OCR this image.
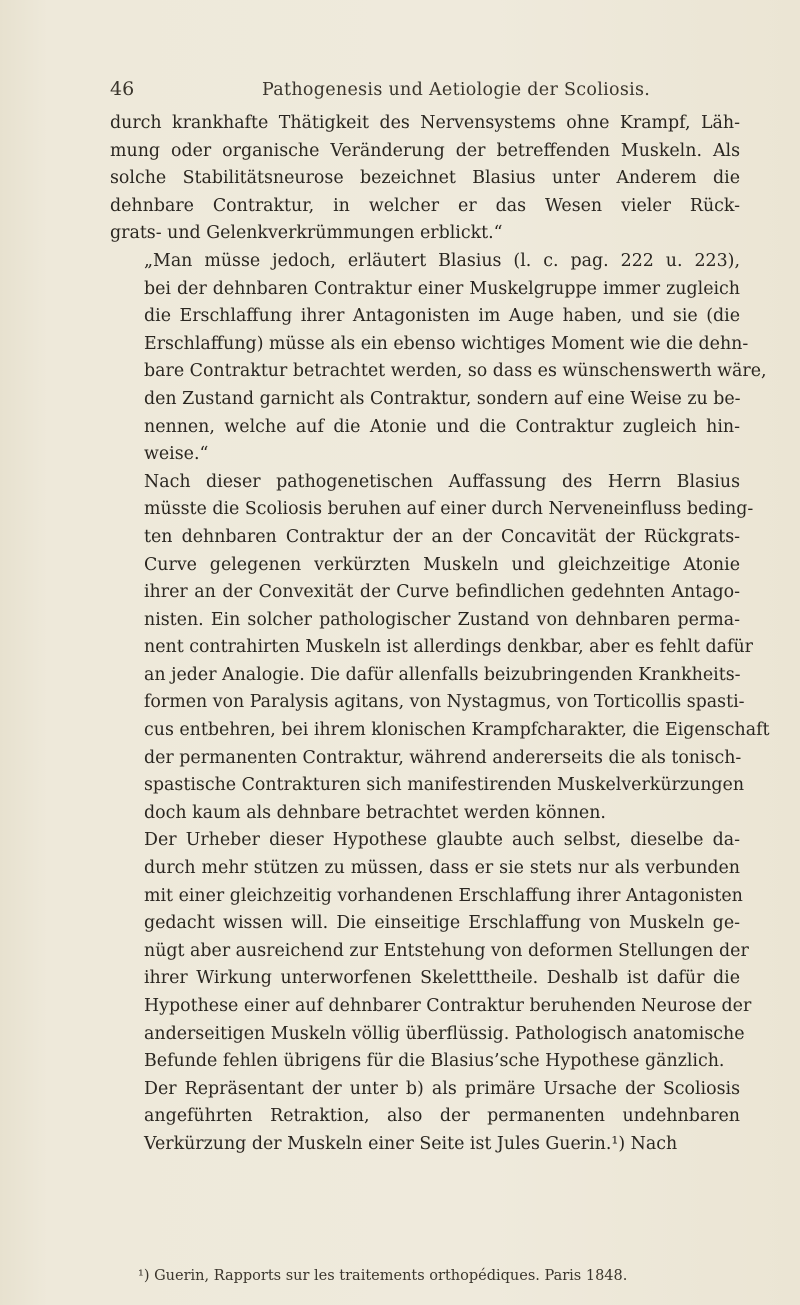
46	Pathogenesis und Aetiologie der Scoliosis.

durch krankhafte Thätigkeit des Nervensystems ohne Krampf, Läh-
mung oder organische Veränderung der betreffenden Muskeln. Als
solche Stabilitätsneurose bezeichnet Blasius unter Anderem die
dehnbare Contraktur, in welcher er das Wesen vieler Rück-
grats- und Gelenkverkrümmungen erblickt.“

„Man müsse jedoch, erläutert Blasius (l. c. pag. 222 u. 223),
bei der dehnbaren Contraktur einer Muskelgruppe immer zugleich
die Erschlaffung ihrer Antagonisten im Auge haben, und sie (die
Erschlaffung) müsse als ein ebenso wichtiges Moment wie die dehn-
bare Contraktur betrachtet werden, so dass es wünschenswerth wäre,
den Zustand garnicht als Contraktur, sondern auf eine Weise zu be-
nennen, welche auf die Atonie und die Contraktur zugleich hin-
weise.“

Nach dieser pathogenetischen Auffassung des Herrn Blasius
müsste die Scoliosis beruhen auf einer durch Nerveneinfluss beding-
ten dehnbaren Contraktur der an der Concavität der Rückgrats-
Curve gelegenen verkürzten Muskeln und gleichzeitige Atonie
ihrer an der Convexität der Curve befindlichen gedehnten Antago-
nisten. Ein solcher pathologischer Zustand von dehnbaren perma-
nent contrahirten Muskeln ist allerdings denkbar, aber es fehlt dafür
an jeder Analogie. Die dafür allenfalls beizubringenden Krankheits-
formen von Paralysis agitans, von Nystagmus, von Torticollis spasti-
cus entbehren, bei ihrem klonischen Krampfcharakter, die Eigenschaft
der permanenten Contraktur, während andererseits die als tonisch-
spastische Contrakturen sich manifestirenden Muskelverkürzungen
doch kaum als dehnbare betrachtet werden können.

Der Urheber dieser Hypothese glaubte auch selbst, dieselbe da-
durch mehr stützen zu müssen, dass er sie stets nur als verbunden
mit einer gleichzeitig vorhandenen Erschlaffung ihrer Antagonisten
gedacht wissen will. Die einseitige Erschlaffung von Muskeln ge-
nügt aber ausreichend zur Entstehung von deformen Stellungen der
ihrer Wirkung unterworfenen Skeletttheile. Deshalb ist dafür die
Hypothese einer auf dehnbarer Contraktur beruhenden Neurose der
anderseitigen Muskeln völlig überflüssig. Pathologisch anatomische
Befunde fehlen übrigens für die Blasius’sche Hypothese gänzlich.

Der Repräsentant der unter b) als primäre Ursache der Scoliosis
angeführten Retraktion, also der permanenten undehnbaren
Verkürzung der Muskeln einer Seite ist Jules Guerin.¹) Nach

¹) Guerin, Rapports sur les traitements orthopédiques. Paris 1848.
